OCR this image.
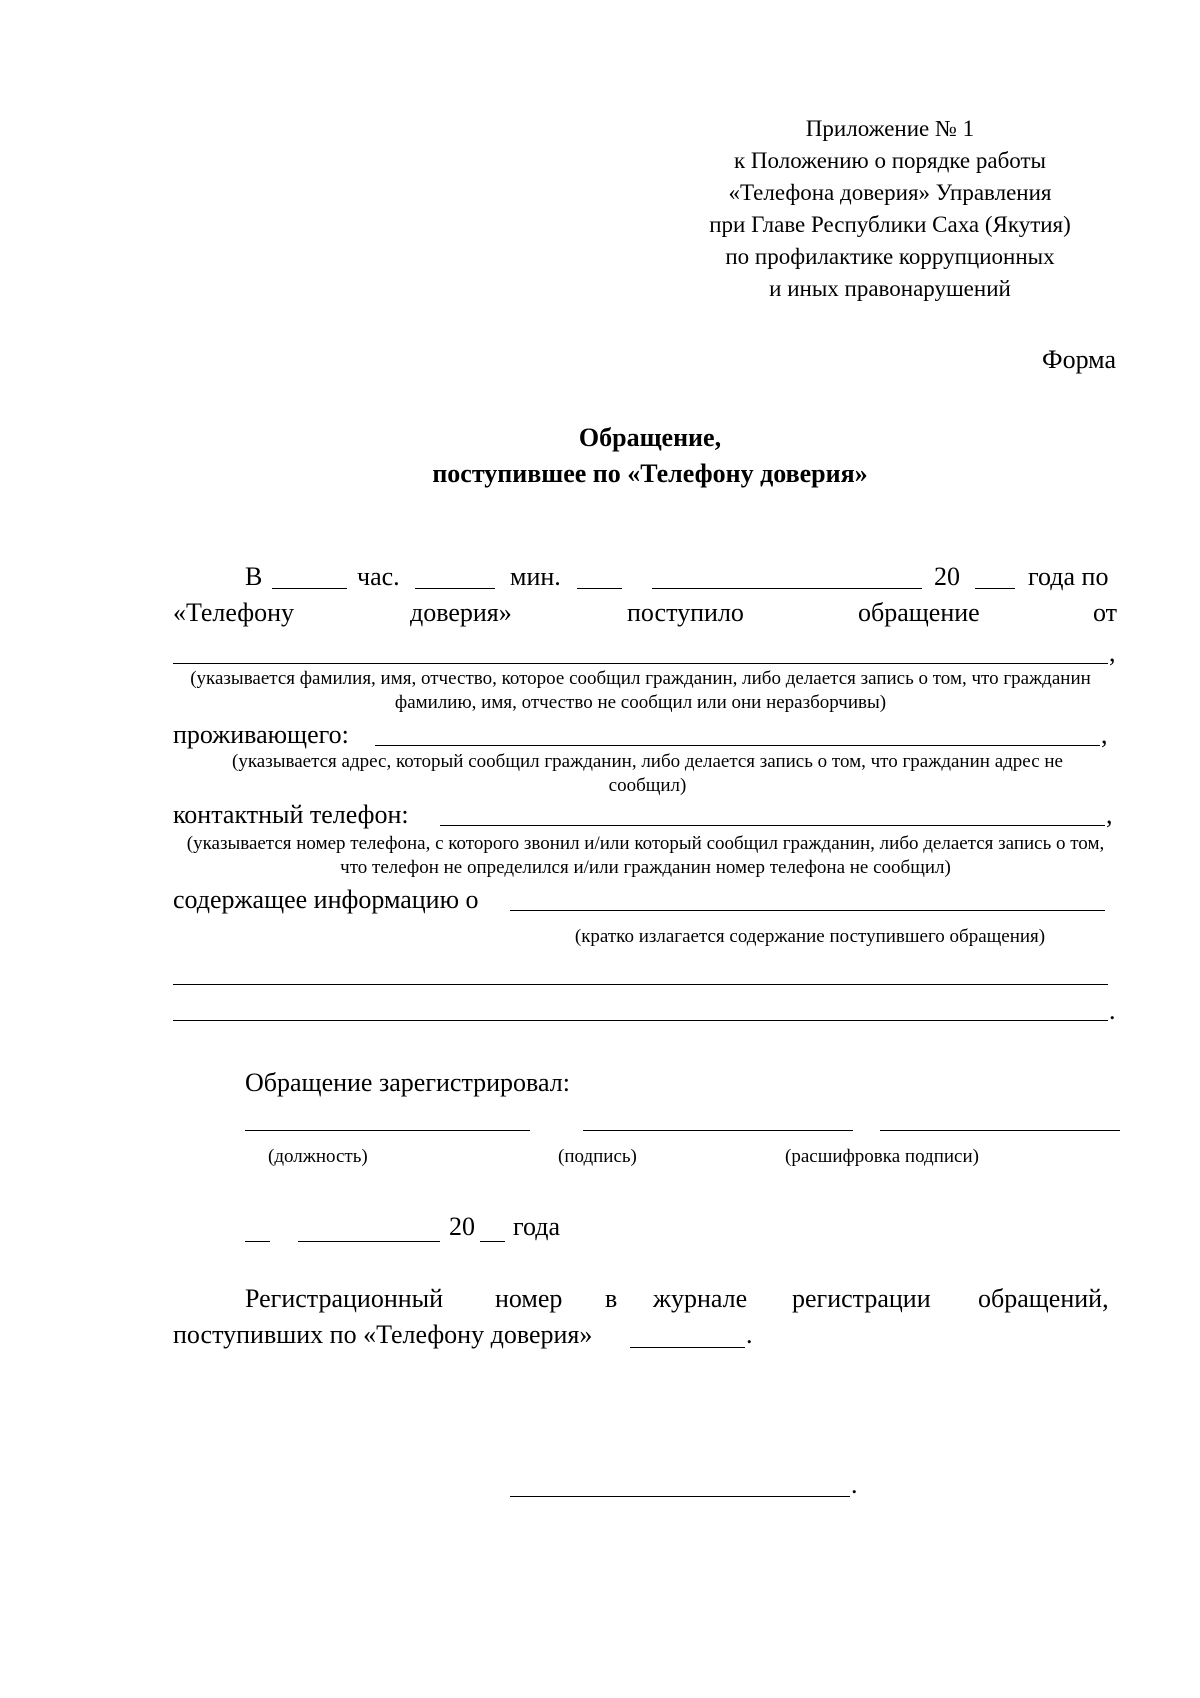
Приложение № 1
к Положению о порядке работы
«Телефона доверия» Управления
при Главе Республики Саха (Якутия)
по профилактике коррупционных
и иных правонарушений
Форма
Обращение,
поступившее по «Телефону доверия»
В	час.	мин.	20	года по
«Телефону	доверия»	поступило	обращение	от
,
(указывается фамилия, имя, отчество, которое сообщил гражданин, либо делается запись о том, что гражданин фамилию, имя, отчество не сообщил или они неразборчивы)
проживающего:	,
(указывается адрес, который сообщил гражданин, либо делается запись о том, что гражданин адрес не сообщил)
контактный телефон:	,
(указывается номер телефона, с которого звонил и/или который сообщил гражданин, либо делается запись о том, что телефон не определился и/или гражданин номер телефона не сообщил)
содержащее информацию о
(кратко излагается содержание поступившего обращения)
.
Обращение зарегистрировал:
(должность)	(подпись)	(расшифровка подписи)
20 года
Регистрационный номер в журнале регистрации обращений,
поступивших по «Телефону доверия»	.
.
